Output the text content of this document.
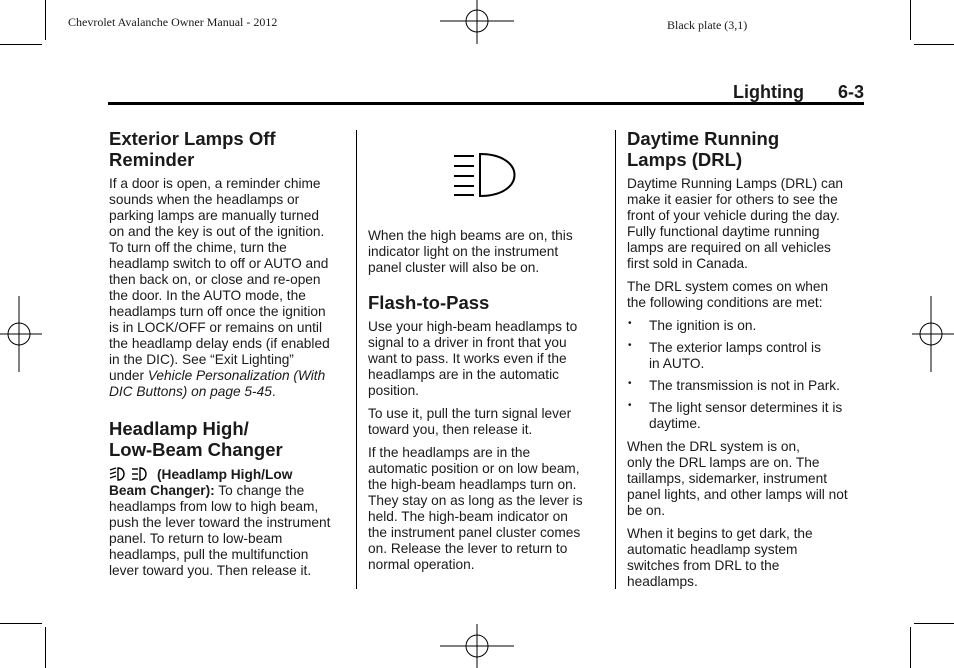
Chevrolet Avalanche Owner Manual - 2012	Black plate (3,1)
Lighting 6-3
Exterior Lamps Off
Reminder

If a door is open, a reminder chime
sounds when the headlamps or
parking lamps are manually turned
on and the key is out of the ignition.
To turn off the chime, turn the
headlamp switch to off or AUTO and
then back on, or close and re-open
the door. In the AUTO mode, the
headlamps turn off once the ignition
is in LOCK/OFF or remains on until
the headlamp delay ends (if enabled
in the DIC). See “Exit Lighting”
under Vehicle Personalization (With
DIC Buttons) on page 5-45.

Headlamp High/
Low-Beam Changer

(Headlamp High/Low
Beam Changer): To change the
headlamps from low to high beam,
push the lever toward the instrument
panel. To return to low-beam
headlamps, pull the multifunction
lever toward you. Then release it.

When the high beams are on, this
indicator light on the instrument
panel cluster will also be on.

Flash-to-Pass

Use your high-beam headlamps to
signal to a driver in front that you
want to pass. It works even if the
headlamps are in the automatic
position.

To use it, pull the turn signal lever
toward you, then release it.

If the headlamps are in the
automatic position or on low beam,
the high-beam headlamps turn on.
They stay on as long as the lever is
held. The high-beam indicator on
the instrument panel cluster comes
on. Release the lever to return to
normal operation.

Daytime Running
Lamps (DRL)

Daytime Running Lamps (DRL) can
make it easier for others to see the
front of your vehicle during the day.
Fully functional daytime running
lamps are required on all vehicles
first sold in Canada.

The DRL system comes on when
the following conditions are met:

• The ignition is on.
• The exterior lamps control is
in AUTO.
• The transmission is not in Park.
• The light sensor determines it is
daytime.

When the DRL system is on,
only the DRL lamps are on. The
taillamps, sidemarker, instrument
panel lights, and other lamps will not
be on.

When it begins to get dark, the
automatic headlamp system
switches from DRL to the
headlamps.
